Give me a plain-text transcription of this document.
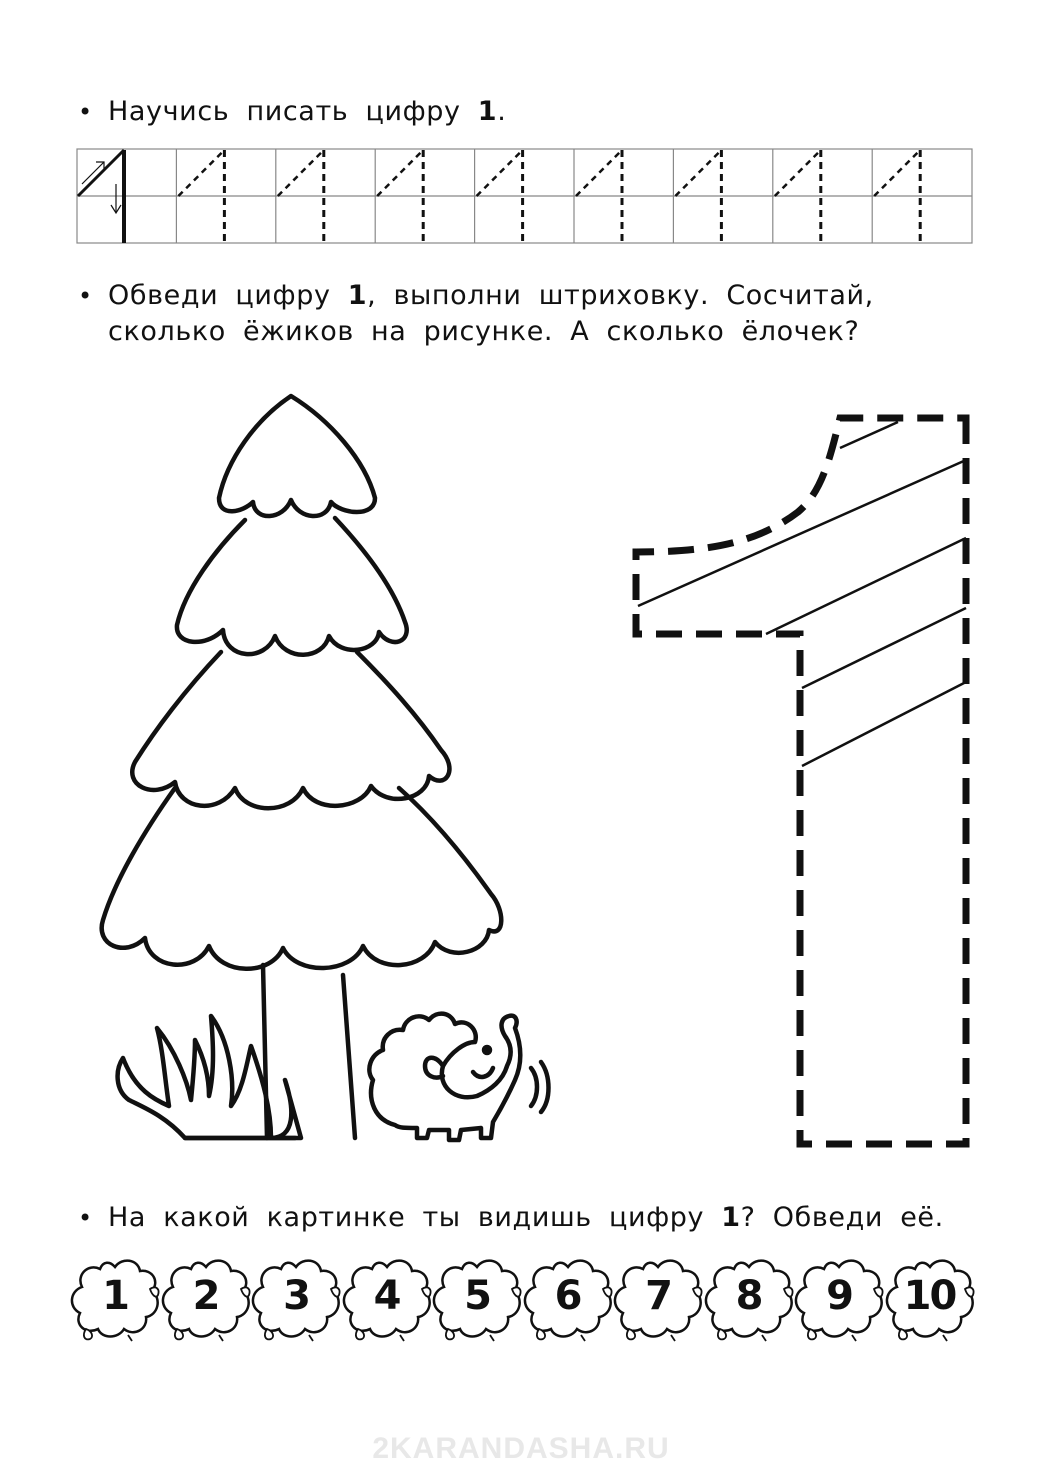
• Научись писать цифру 1.
• Обведи цифру 1, выполни штриховку. Сосчитай,
сколько ёжиков на рисунке. А сколько ёлочек?
• На какой картинке ты видишь цифру 1? Обведи её.
1	2	3	4	5	6	7	8	9	10
2KARANDASHA.RU
